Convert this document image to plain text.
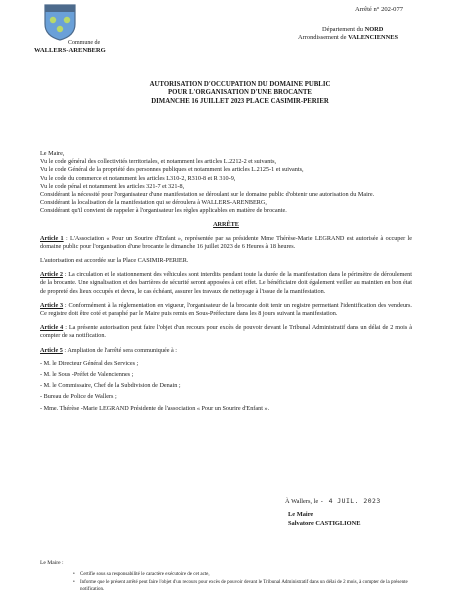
Commune de
WALLERS-ARENBERG
Arrêté n° 202-077
Département du NORD
Arrondissement de VALENCIENNES
AUTORISATION D'OCCUPATION DU DOMAINE PUBLIC
POUR L'ORGANISATION D'UNE BROCANTE
DIMANCHE 16 JUILLET 2023 PLACE CASIMIR-PERIER

Le Maire,

Vu le code général des collectivités territoriales, et notamment les articles L.2212-2 et suivants,

Vu le code Général de la propriété des personnes publiques et notamment les articles L.2125-1 et suivants,

Vu le code du commerce et notamment les articles L310-2, R310-8 et R 310-9,

Vu le code pénal et notamment les articles 321-7 et 321-8,

Considérant la nécessité pour l'organisateur d'une manifestation se déroulant sur le domaine public d'obtenir une autorisation du Maire.

Considérant la localisation de la manifestation qui se déroulera à WALLERS-ARENBERG,

Considérant qu'il convient de rappeler à l'organisateur les règles applicables en matière de brocante.

ARRÊTE

Article 1 : L'Association « Pour un Sourire d'Enfant », représentée par sa présidente Mme Thérèse-Marie LEGRAND est autorisée à occuper le domaine public pour l'organisation d'une brocante le dimanche 16 juillet 2023 de 6 Heures à 18 heures.

L'autorisation est accordée sur la Place CASIMIR-PERIER.

Article 2 : La circulation et le stationnement des véhicules sont interdits pendant toute la durée de la manifestation dans le périmètre de déroulement de la brocante. Une signalisation et des barrières de sécurité seront apposées à cet effet. Le bénéficiaire doit également veiller au maintien en bon état de propreté des lieux occupés et devra, le cas échéant, assurer les travaux de nettoyage à l'issue de la manifestation.

Article 3 : Conformément à la réglementation en vigueur, l'organisateur de la brocante doit tenir un registre permettant l'identification des vendeurs. Ce registre doit être coté et paraphé par le Maire puis remis en Sous-Préfecture dans les 8 jours suivant la manifestation.

Article 4 : La présente autorisation peut faire l'objet d'un recours pour excès de pouvoir devant le Tribunal Administratif dans un délai de 2 mois à compter de sa notification.

Article 5 : Ampliation de l'arrêté sera communiquée à :

- M. le Directeur Général des Services ;

- M. le Sous -Préfet de Valenciennes ;

- M. le Commissaire, Chef de la Subdivision de Denain ;

- Bureau de Police de Wallers ;

- Mme. Thérèse -Marie LEGRAND Présidente de l'association « Pour un Sourire d'Enfant ».

À Wallers, le - 4 JUIL. 2023
Le Maire
Salvatore CASTIGLIONE
Le Maire :
• Certifie sous sa responsabilité le caractère exécutoire de cet acte,
• Informe que le présent arrêté peut faire l'objet d'un recours pour excès de pouvoir devant le Tribunal Administratif dans un délai de 2 mois, à compter de la présente notification.
